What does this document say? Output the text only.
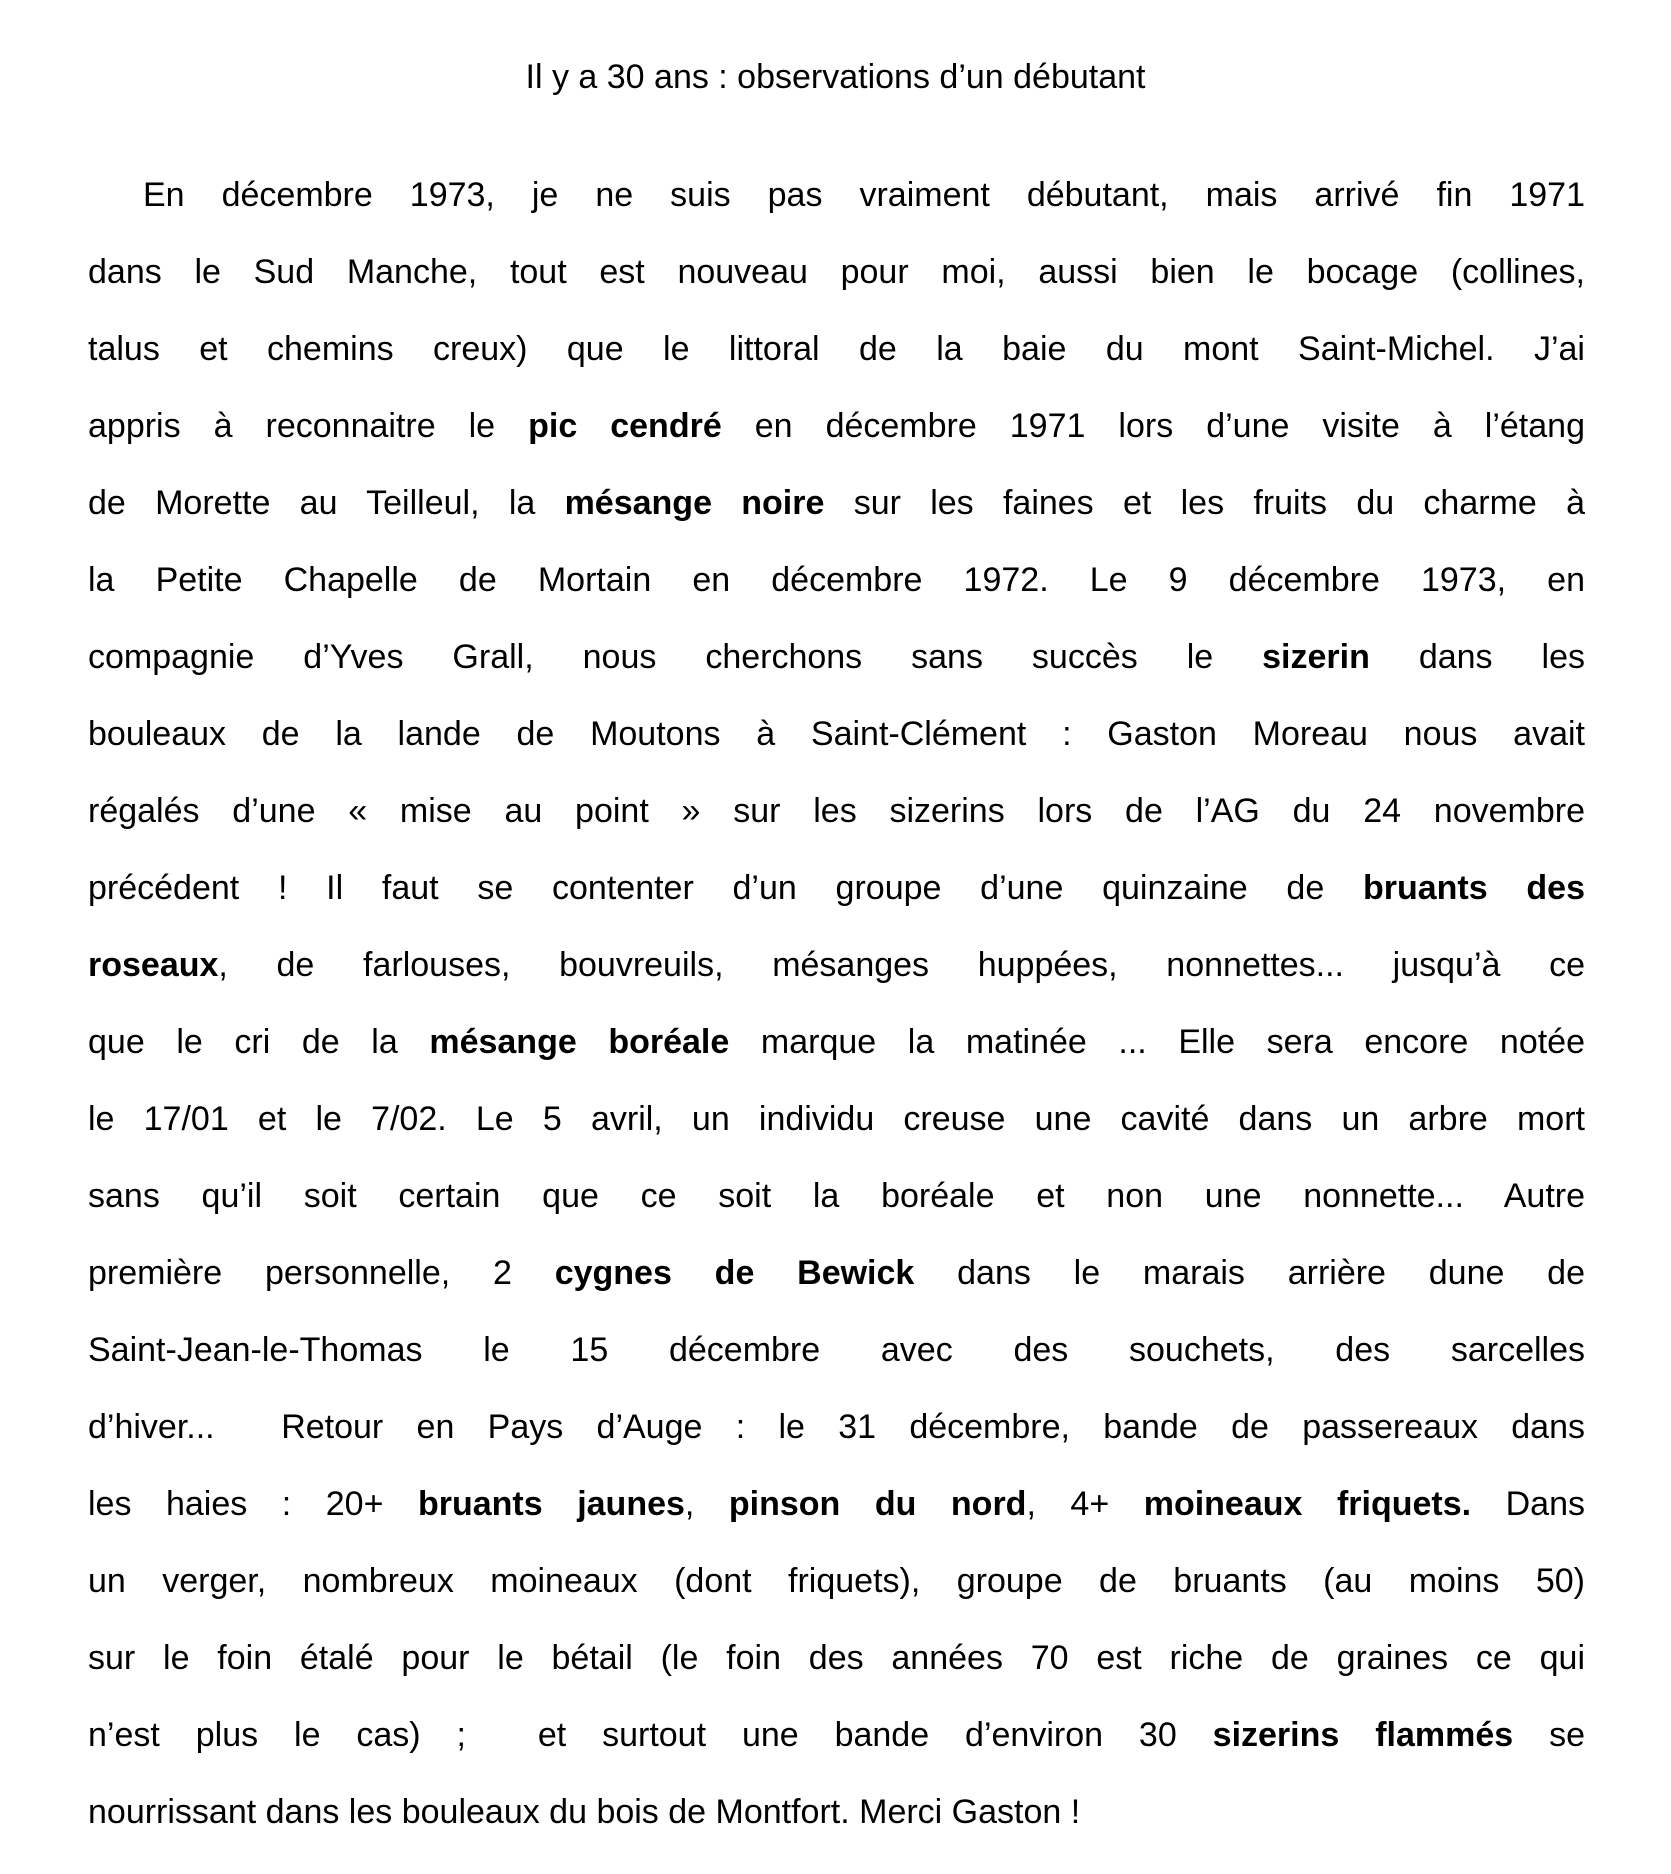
Il y a 30 ans : observations d’un débutant
En décembre 1973, je ne suis pas vraiment débutant, mais arrivé fin 1971
dans le Sud Manche, tout est nouveau pour moi, aussi bien le bocage (collines,
talus et chemins creux) que le littoral de la baie du mont Saint-Michel. J’ai
appris à reconnaitre le pic cendré en décembre 1971 lors d’une visite à l’étang
de Morette au Teilleul, la mésange noire sur les faines et les fruits du charme à
la Petite Chapelle de Mortain en décembre 1972. Le 9 décembre 1973, en
compagnie d’Yves Grall, nous cherchons sans succès le sizerin dans les
bouleaux de la lande de Moutons à Saint-Clément : Gaston Moreau nous avait
régalés d’une « mise au point » sur les sizerins lors de l’AG du 24 novembre
précédent ! Il faut se contenter d’un groupe d’une quinzaine de bruants des
roseaux, de farlouses, bouvreuils, mésanges huppées, nonnettes... jusqu’à ce
que le cri de la mésange boréale marque la matinée ... Elle sera encore notée
le 17/01 et le 7/02. Le 5 avril, un individu creuse une cavité dans un arbre mort
sans qu’il soit certain que ce soit la boréale et non une nonnette... Autre
première personnelle, 2 cygnes de Bewick dans le marais arrière dune de
Saint-Jean-le-Thomas le 15 décembre avec des souchets, des sarcelles
d’hiver...  Retour en Pays d’Auge : le 31 décembre, bande de passereaux dans
les haies : 20+ bruants jaunes, pinson du nord, 4+ moineaux friquets. Dans
un verger, nombreux moineaux (dont friquets), groupe de bruants (au moins 50)
sur le foin étalé pour le bétail (le foin des années 70 est riche de graines ce qui
n’est plus le cas) ;  et surtout une bande d’environ 30 sizerins flammés se
nourrissant dans les bouleaux du bois de Montfort. Merci Gaston !
